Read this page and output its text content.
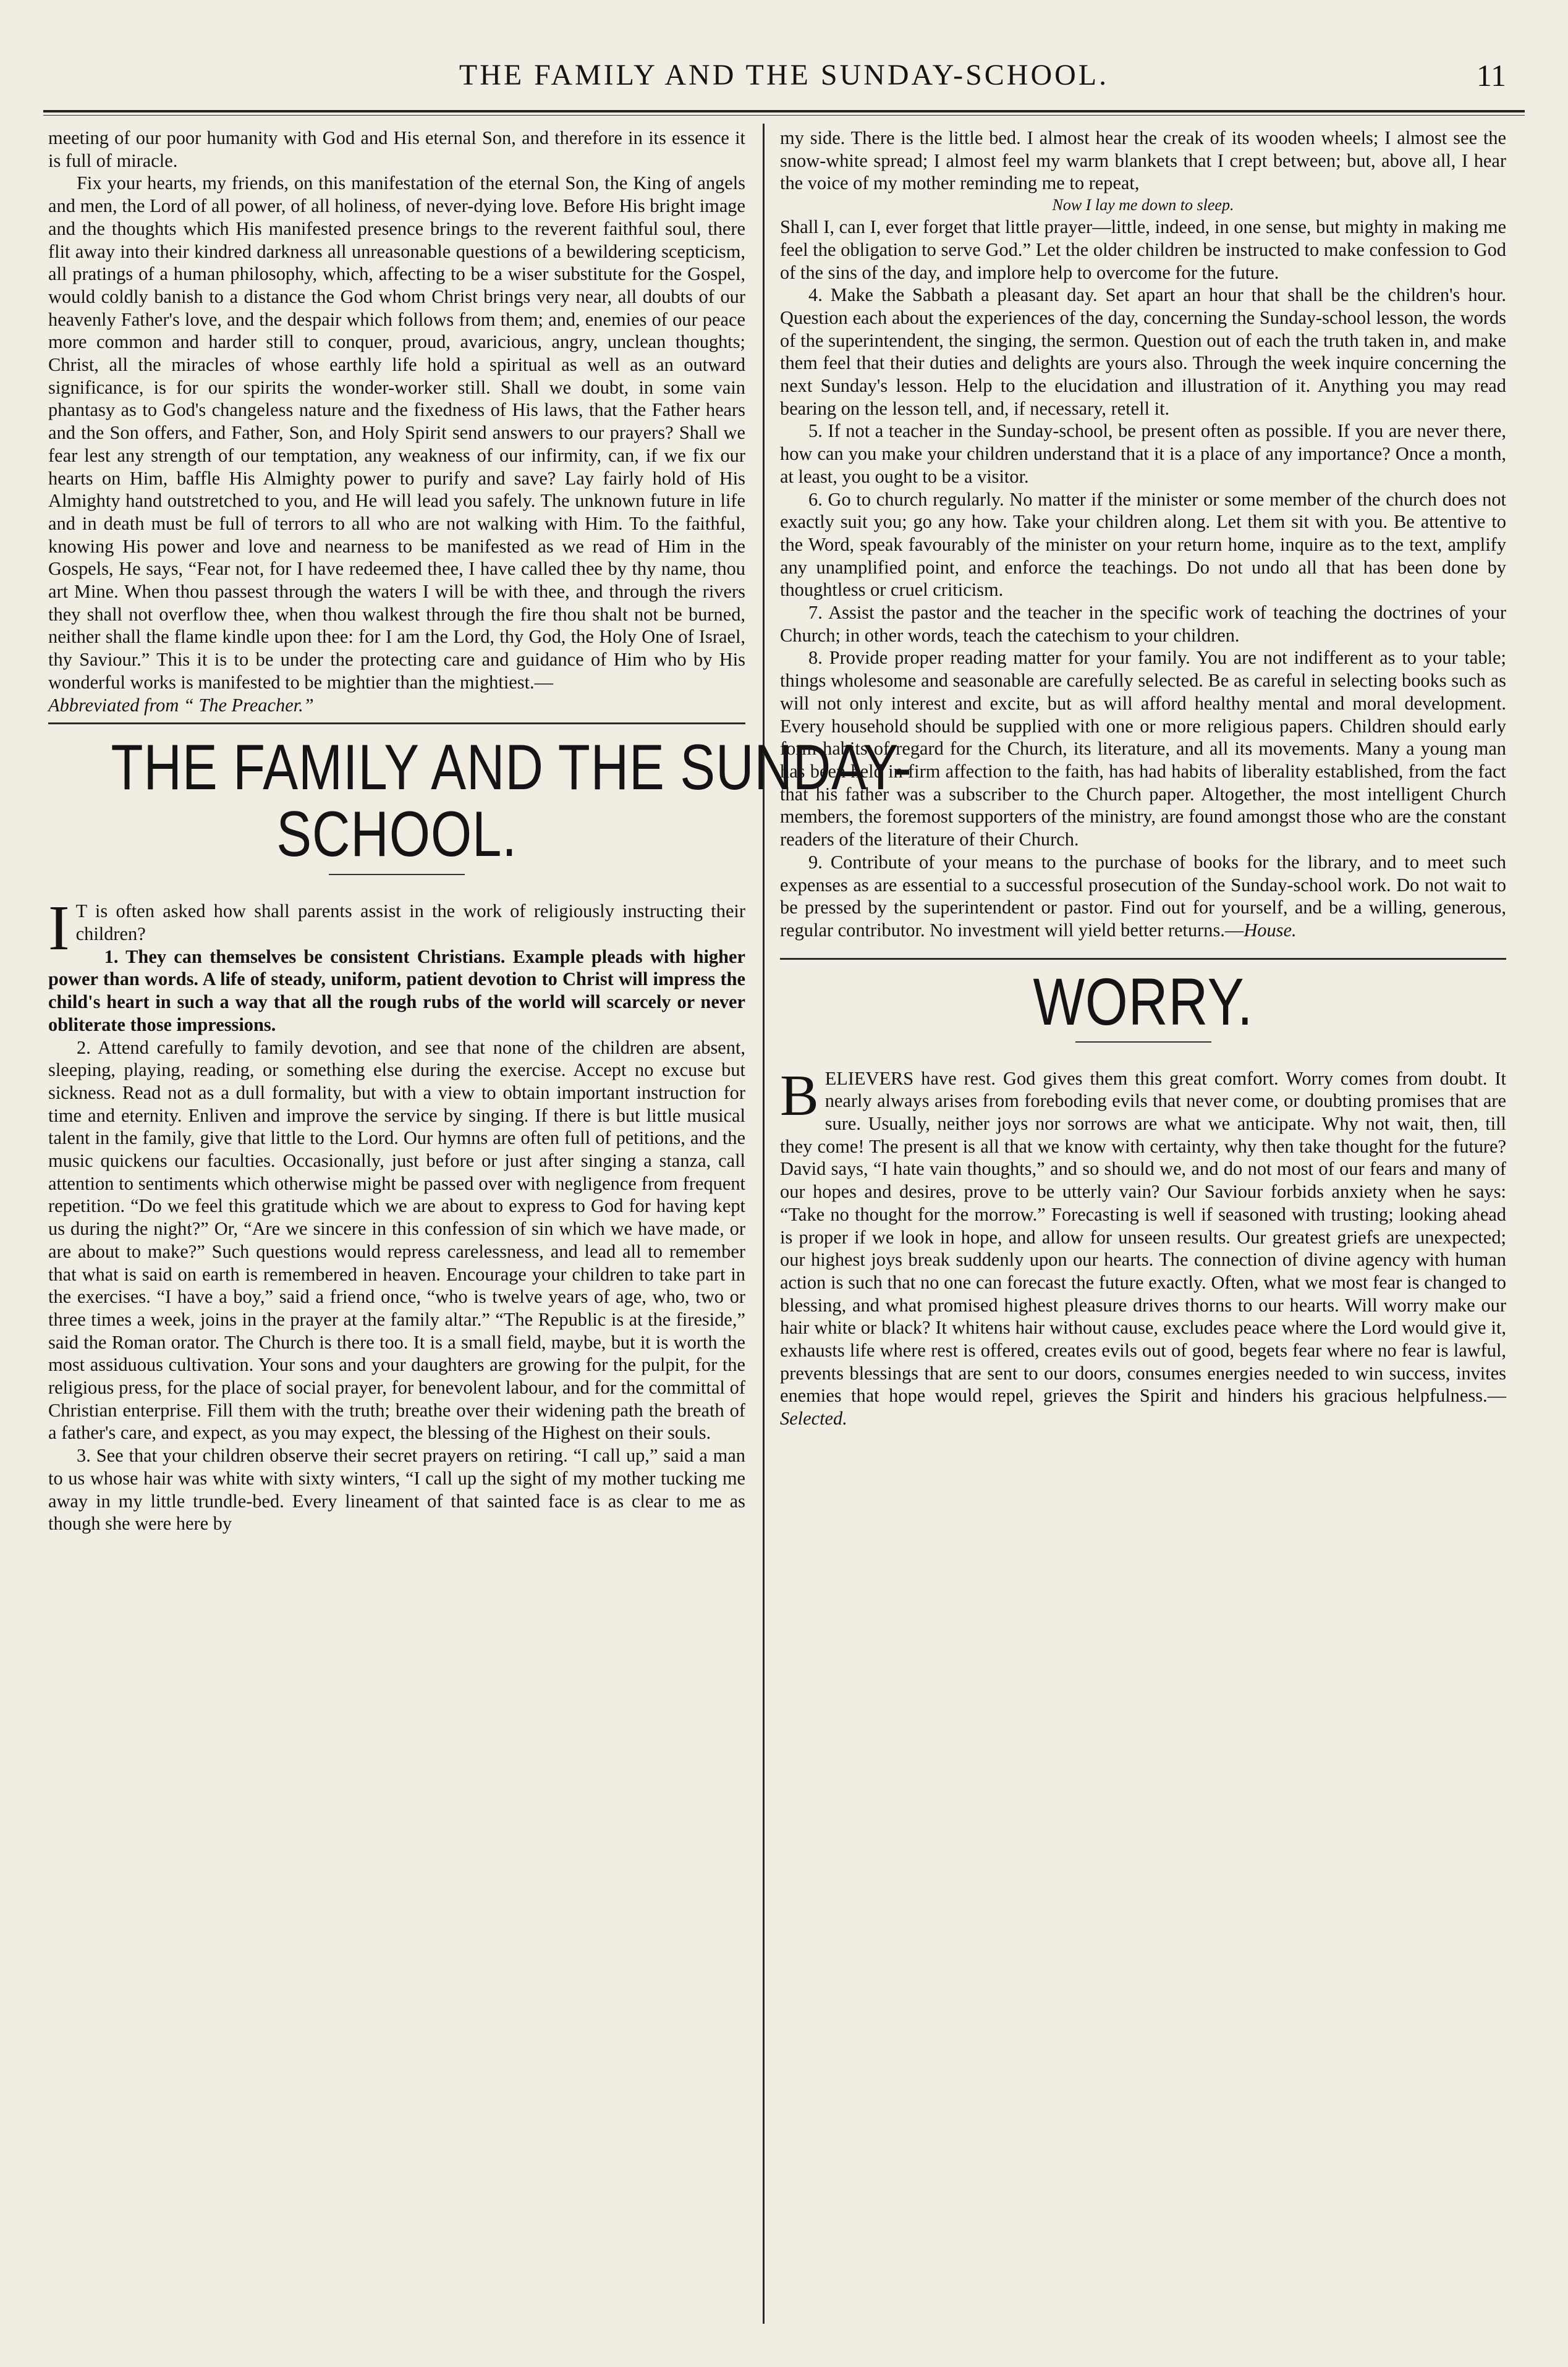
THE FAMILY AND THE SUNDAY-SCHOOL.	11

meeting of our poor humanity with God and His eternal Son, and therefore in its essence it is full of miracle.

Fix your hearts, my friends, on this manifestation of the eternal Son, the King of angels and men, the Lord of all power, of all holiness, of never-dying love. Before His bright image and the thoughts which His manifested presence brings to the reverent faithful soul, there flit away into their kindred darkness all unreasonable questions of a bewildering scepticism, all pratings of a human philosophy, which, affecting to be a wiser substitute for the Gospel, would coldly banish to a distance the God whom Christ brings very near, all doubts of our heavenly Father's love, and the despair which follows from them; and, enemies of our peace more common and harder still to conquer, proud, avaricious, angry, unclean thoughts; Christ, all the miracles of whose earthly life hold a spiritual as well as an outward significance, is for our spirits the wonder-worker still. Shall we doubt, in some vain phantasy as to God's changeless nature and the fixedness of His laws, that the Father hears and the Son offers, and Father, Son, and Holy Spirit send answers to our prayers? Shall we fear lest any strength of our temptation, any weakness of our infirmity, can, if we fix our hearts on Him, baffle His Almighty power to purify and save? Lay fairly hold of His Almighty hand outstretched to you, and He will lead you safely. The unknown future in life and in death must be full of terrors to all who are not walking with Him. To the faithful, knowing His power and love and nearness to be manifested as we read of Him in the Gospels, He says, “Fear not, for I have redeemed thee, I have called thee by thy name, thou art Mine. When thou passest through the waters I will be with thee, and through the rivers they shall not overflow thee, when thou walkest through the fire thou shalt not be burned, neither shall the flame kindle upon thee: for I am the Lord, thy God, the Holy One of Israel, thy Saviour.” This it is to be under the protecting care and guidance of Him who by His wonderful works is manifested to be mightier than the mightiest.—
Abbreviated from “ The Preacher.”

THE FAMILY AND THE SUNDAY-
SCHOOL.

I T is often asked how shall parents assist in the work of religiously instructing their children?

1. They can themselves be consistent Christians. Example pleads with higher power than words. A life of steady, uniform, patient devotion to Christ will impress the child's heart in such a way that all the rough rubs of the world will scarcely or never obliterate those impressions.

2. Attend carefully to family devotion, and see that none of the children are absent, sleeping, playing, reading, or something else during the exercise. Accept no excuse but sickness. Read not as a dull formality, but with a view to obtain important instruction for time and eternity. Enliven and improve the service by singing. If there is but little musical talent in the family, give that little to the Lord. Our hymns are often full of petitions, and the music quickens our faculties. Occasionally, just before or just after singing a stanza, call attention to sentiments which otherwise might be passed over with negligence from frequent repetition. “Do we feel this gratitude which we are about to express to God for having kept us during the night?” Or, “Are we sincere in this confession of sin which we have made, or are about to make?” Such questions would repress carelessness, and lead all to remember that what is said on earth is remembered in heaven. Encourage your children to take part in the exercises. “I have a boy,” said a friend once, “who is twelve years of age, who, two or three times a week, joins in the prayer at the family altar.” “The Republic is at the fireside,” said the Roman orator. The Church is there too. It is a small field, maybe, but it is worth the most assiduous cultivation. Your sons and your daughters are growing for the pulpit, for the religious press, for the place of social prayer, for benevolent labour, and for the committal of Christian enterprise. Fill them with the truth; breathe over their widening path the breath of a father's care, and expect, as you may expect, the blessing of the Highest on their souls.

3. See that your children observe their secret prayers on retiring. “I call up,” said a man to us whose hair was white with sixty winters, “I call up the sight of my mother tucking me away in my little trundle-bed. Every lineament of that sainted face is as clear to me as though she were here by

my side. There is the little bed. I almost hear the creak of its wooden wheels; I almost see the snow-white spread; I almost feel my warm blankets that I crept between; but, above all, I hear the voice of my mother reminding me to repeat,

Now I lay me down to sleep.

Shall I, can I, ever forget that little prayer—little, indeed, in one sense, but mighty in making me feel the obligation to serve God.” Let the older children be instructed to make confession to God of the sins of the day, and implore help to overcome for the future.

4. Make the Sabbath a pleasant day. Set apart an hour that shall be the children's hour. Question each about the experiences of the day, concerning the Sunday-school lesson, the words of the superintendent, the singing, the sermon. Question out of each the truth taken in, and make them feel that their duties and delights are yours also. Through the week inquire concerning the next Sunday's lesson. Help to the elucidation and illustration of it. Anything you may read bearing on the lesson tell, and, if necessary, retell it.

5. If not a teacher in the Sunday-school, be present often as possible. If you are never there, how can you make your children understand that it is a place of any importance? Once a month, at least, you ought to be a visitor.

6. Go to church regularly. No matter if the minister or some member of the church does not exactly suit you; go any how. Take your children along. Let them sit with you. Be attentive to the Word, speak favourably of the minister on your return home, inquire as to the text, amplify any unamplified point, and enforce the teachings. Do not undo all that has been done by thoughtless or cruel criticism.

7. Assist the pastor and the teacher in the specific work of teaching the doctrines of your Church; in other words, teach the catechism to your children.

8. Provide proper reading matter for your family. You are not indifferent as to your table; things wholesome and seasonable are carefully selected. Be as careful in selecting books such as will not only interest and excite, but as will afford healthy mental and moral development. Every household should be supplied with one or more religious papers. Children should early form habits of regard for the Church, its literature, and all its movements. Many a young man has been held in firm affection to the faith, has had habits of liberality established, from the fact that his father was a subscriber to the Church paper. Altogether, the most intelligent Church members, the foremost supporters of the ministry, are found amongst those who are the constant readers of the literature of their Church.

9. Contribute of your means to the purchase of books for the library, and to meet such expenses as are essential to a successful prosecution of the Sunday-school work. Do not wait to be pressed by the superintendent or pastor. Find out for yourself, and be a willing, generous, regular contributor. No investment will yield better returns.—House.

WORRY.

BELIEVERS have rest. God gives them this great comfort. Worry comes from doubt. It nearly always arises from foreboding evils that never come, or doubting promises that are sure. Usually, neither joys nor sorrows are what we anticipate. Why not wait, then, till they come! The present is all that we know with certainty, why then take thought for the future? David says, “I hate vain thoughts,” and so should we, and do not most of our fears and many of our hopes and desires, prove to be utterly vain? Our Saviour forbids anxiety when he says: “Take no thought for the morrow.” Forecasting is well if seasoned with trusting; looking ahead is proper if we look in hope, and allow for unseen results. Our greatest griefs are unexpected; our highest joys break suddenly upon our hearts. The connection of divine agency with human action is such that no one can forecast the future exactly. Often, what we most fear is changed to blessing, and what promised highest pleasure drives thorns to our hearts. Will worry make our hair white or black? It whitens hair without cause, excludes peace where the Lord would give it, exhausts life where rest is offered, creates evils out of good, begets fear where no fear is lawful, prevents blessings that are sent to our doors, consumes energies needed to win success, invites enemies that hope would repel, grieves the Spirit and hinders his gracious helpfulness.—Selected.
